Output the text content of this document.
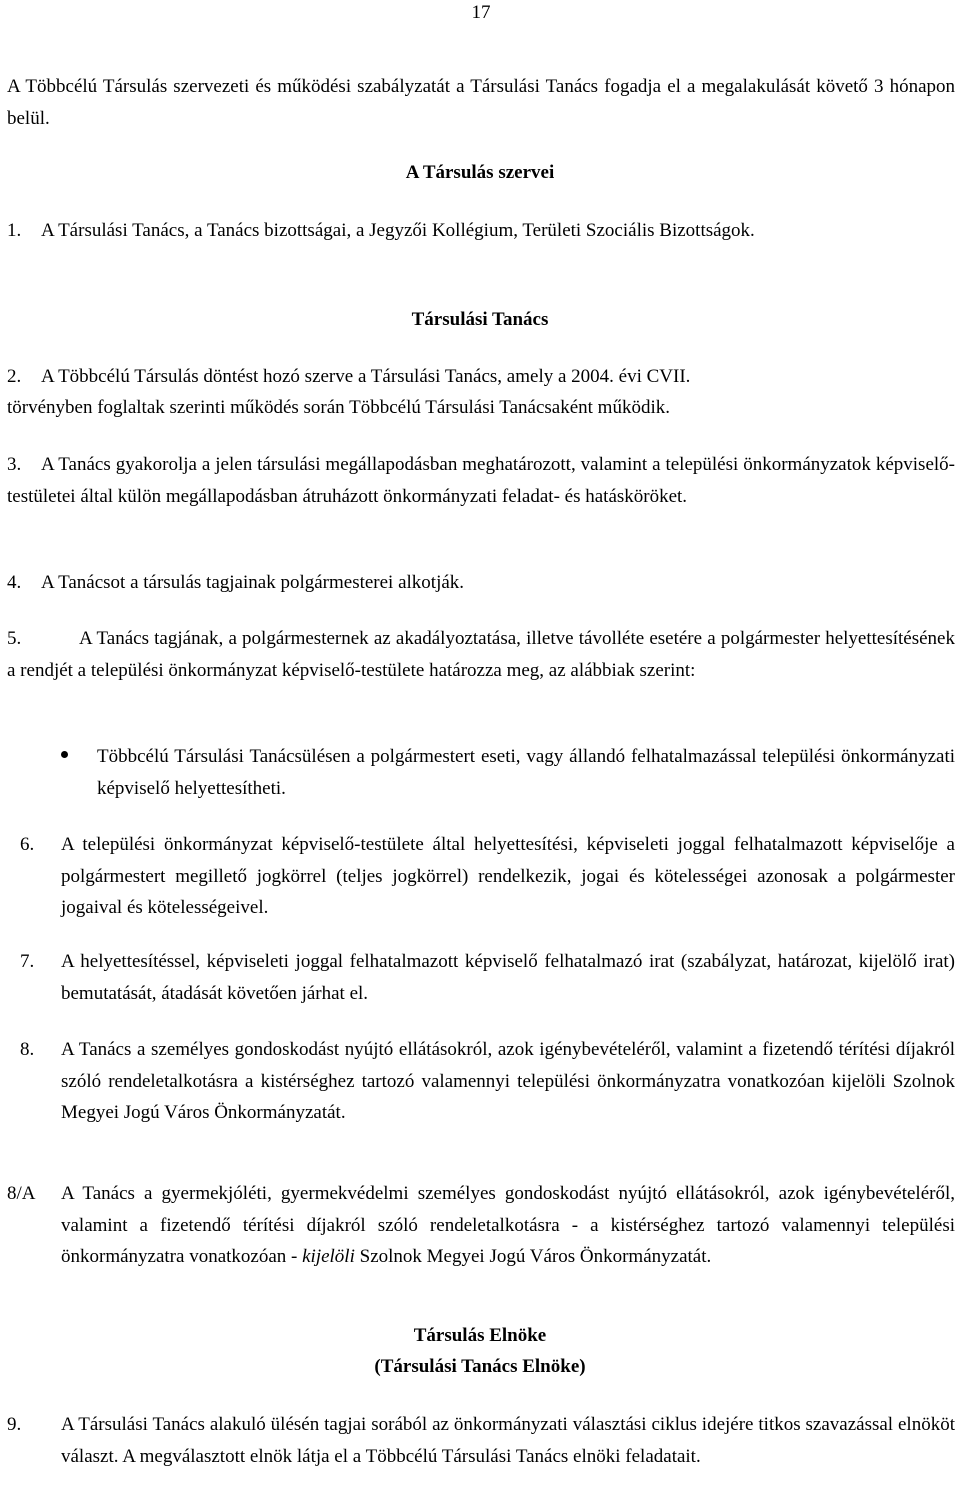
17
A Többcélú Társulás szervezeti és működési szabályzatát a Társulási Tanács fogadja el a megalakulását követő 3 hónapon belül.
A Társulás szervei
1.	A Társulási Tanács, a Tanács bizottságai, a Jegyzői Kollégium, Területi Szociális Bizottságok.
Társulási Tanács
2. A Többcélú Társulás döntést hozó szerve a Társulási Tanács, amely a 2004. évi CVII.
törvényben foglaltak szerinti működés során Többcélú Társulási Tanácsaként működik.
3.	A Tanács gyakorolja a jelen társulási megállapodásban meghatározott, valamint a települési önkormányzatok képviselő-testületei által külön megállapodásban átruházott önkormányzati feladat- és hatásköröket.
4. A Tanácsot a társulás tagjainak polgármesterei alkotják.
5.	A Tanács tagjának, a polgármesternek az akadályoztatása, illetve távolléte esetére a polgármester helyettesítésének a rendjét a települési önkormányzat képviselő-testülete határozza meg, az alábbiak szerint:
Többcélú Társulási Tanácsülésen a polgármestert eseti, vagy állandó felhatalmazással települési önkormányzati képviselő helyettesítheti.
6. A települési önkormányzat képviselő-testülete által helyettesítési, képviseleti joggal felhatalmazott képviselője a polgármestert megillető jogkörrel (teljes jogkörrel) rendelkezik, jogai és kötelességei azonosak a polgármester jogaival és kötelességeivel.
7. A helyettesítéssel, képviseleti joggal felhatalmazott képviselő felhatalmazó irat (szabályzat, határozat, kijelölő irat) bemutatását, átadását követően járhat el.
8. A Tanács a személyes gondoskodást nyújtó ellátásokról, azok igénybevételéről, valamint a fizetendő térítési díjakról szóló rendeletalkotásra a kistérséghez tartozó valamennyi települési önkormányzatra vonatkozóan kijelöli Szolnok Megyei Jogú Város Önkormányzatát.
8/A A Tanács a gyermekjóléti, gyermekvédelmi személyes gondoskodást nyújtó ellátásokról, azok igénybevételéről, valamint a fizetendő térítési díjakról szóló rendeletalkotásra - a kistérséghez tartozó valamennyi települési önkormányzatra vonatkozóan - kijelöli Szolnok Megyei Jogú Város Önkormányzatát.
Társulás Elnöke
(Társulási Tanács Elnöke)
9. A Társulási Tanács alakuló ülésén tagjai sorából az önkormányzati választási ciklus idejére titkos szavazással elnököt választ. A megválasztott elnök látja el a Többcélú Társulási Tanács elnöki feladatait.
